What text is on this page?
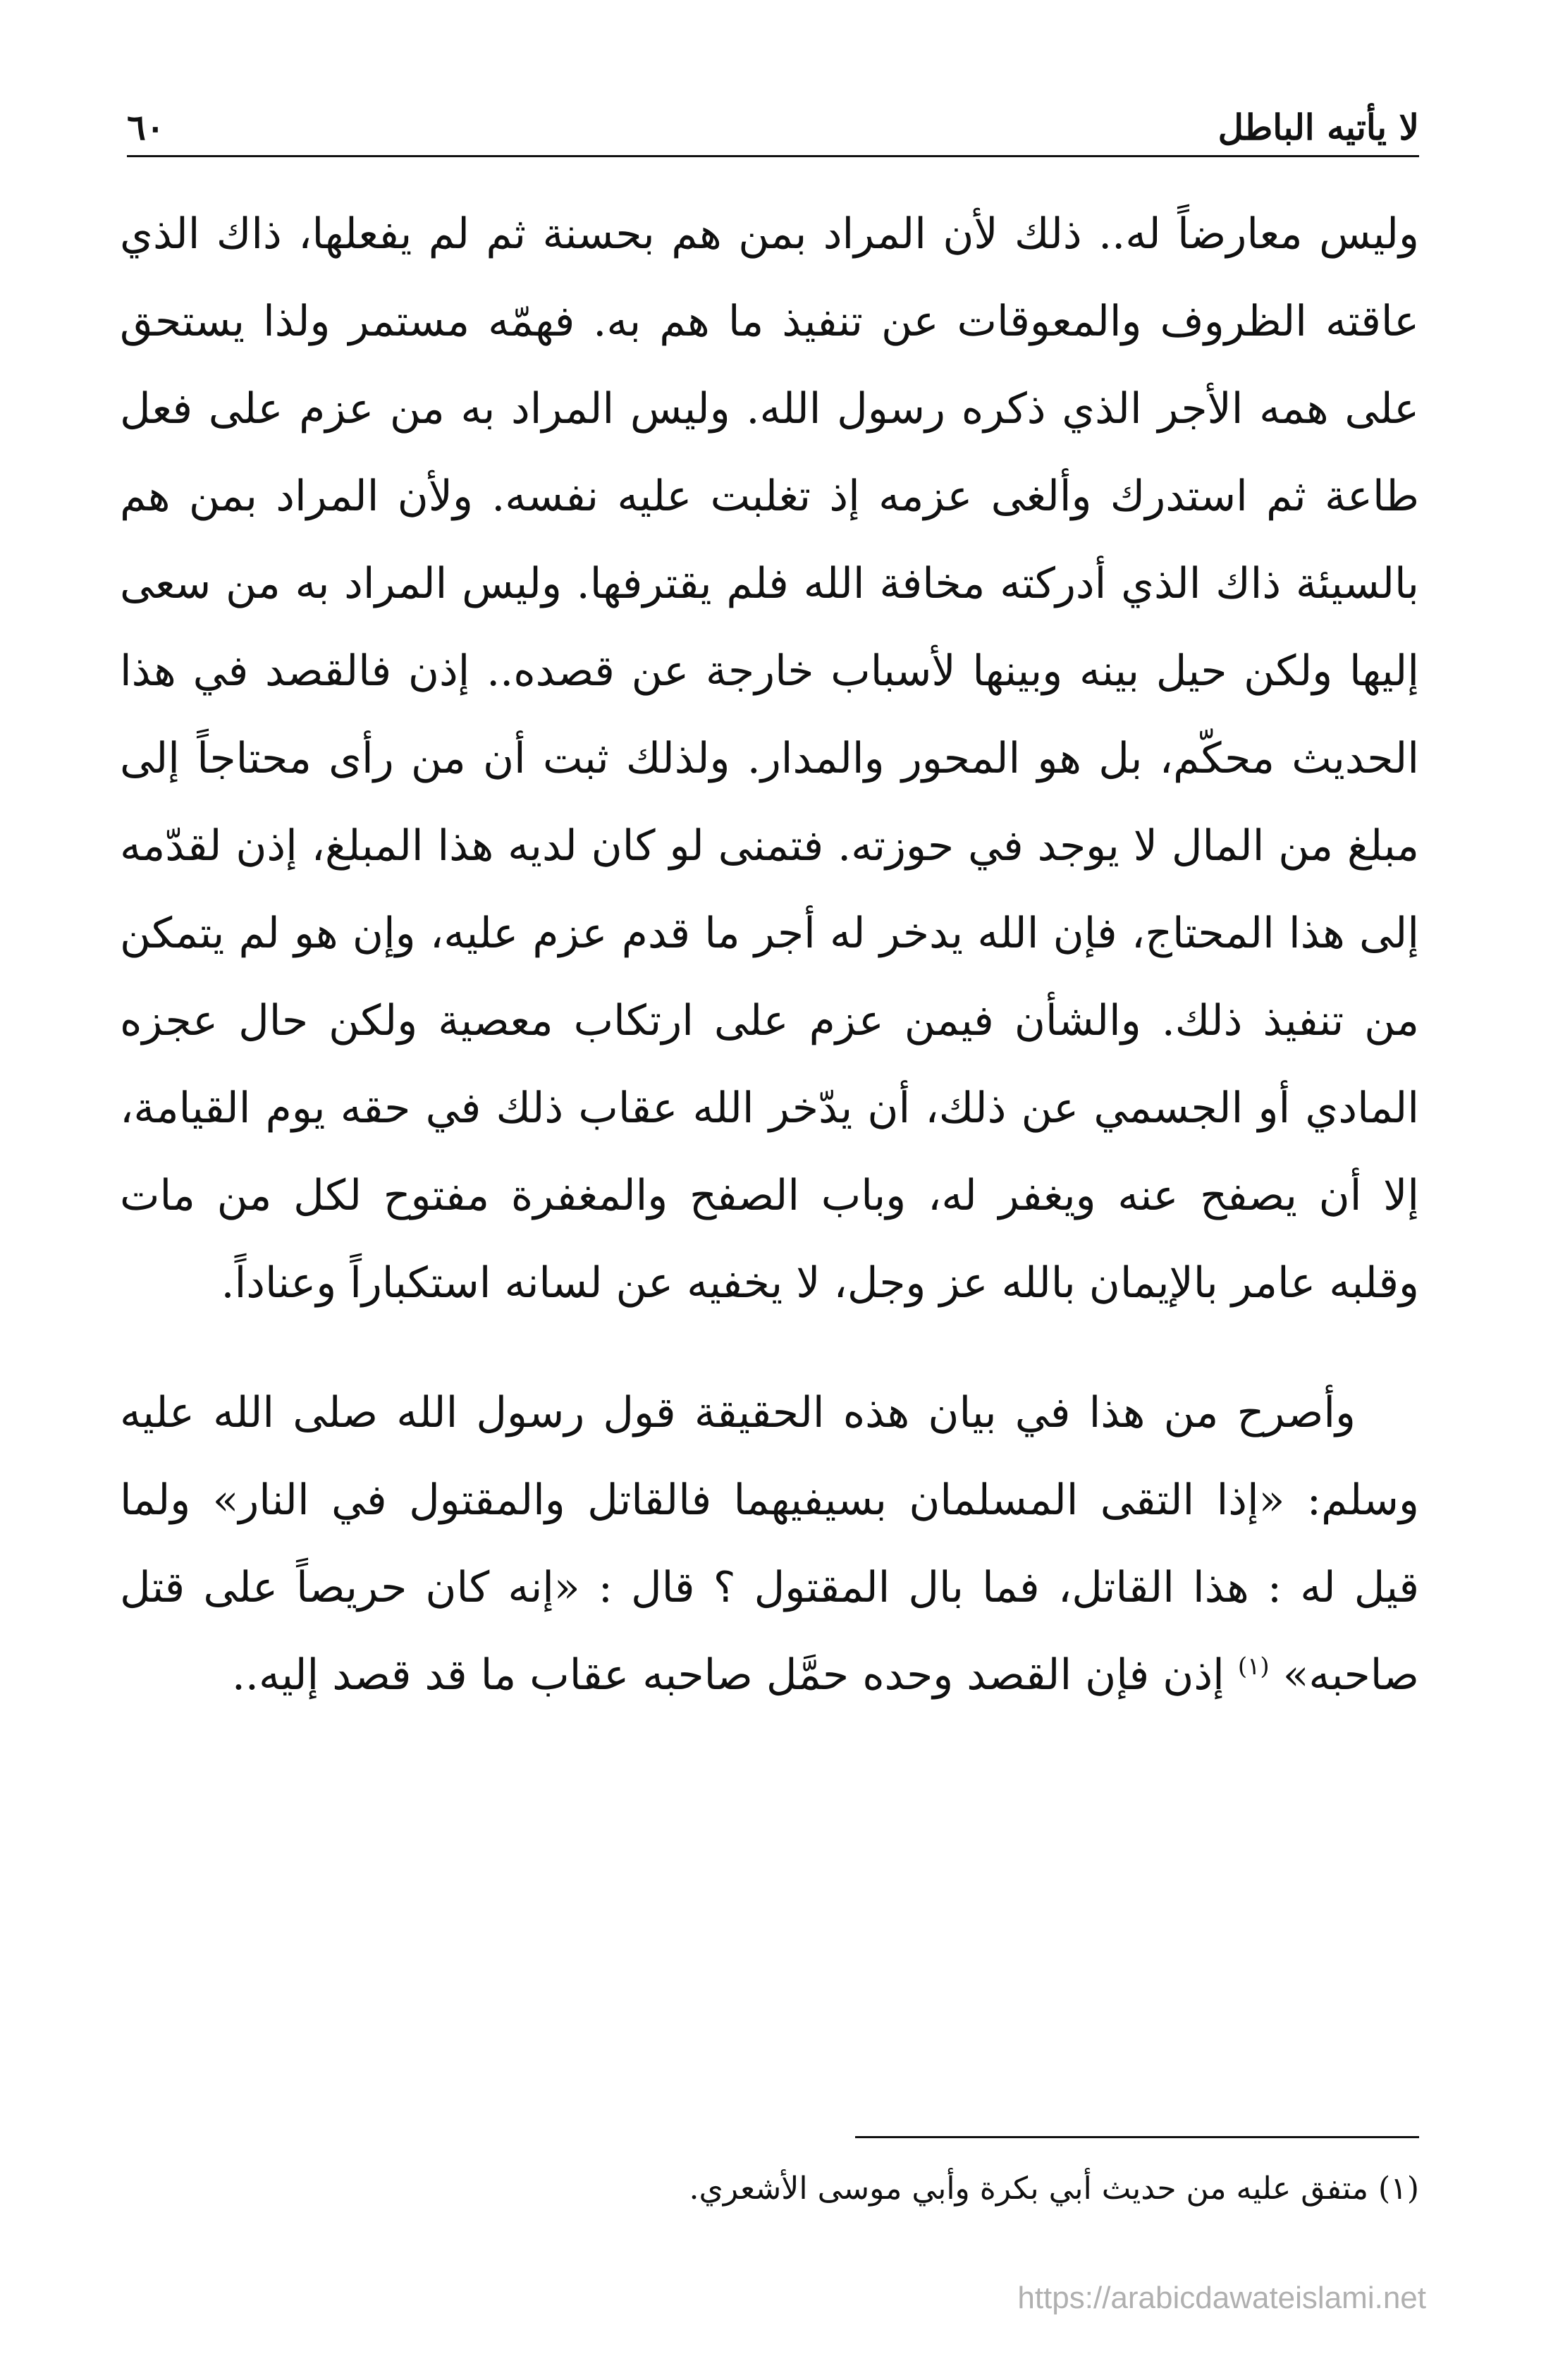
لا يأتيه الباطل
٦٠

وليس معارضاً له.. ذلك لأن المراد بمن هم بحسنة ثم لم يفعلها، ذاك الذي عاقته الظروف والمعوقات عن تنفيذ ما هم به. فهمّه مستمر ولذا يستحق على همه الأجر الذي ذكره رسول الله. وليس المراد به من عزم على فعل طاعة ثم استدرك وألغى عزمه إذ تغلبت عليه نفسه. ولأن المراد بمن هم بالسيئة ذاك الذي أدركته مخافة الله فلم يقترفها. وليس المراد به من سعى إليها ولكن حيل بينه وبينها لأسباب خارجة عن قصده.. إذن فالقصد في هذا الحديث محكّم، بل هو المحور والمدار. ولذلك ثبت أن من رأى محتاجاً إلى مبلغ من المال لا يوجد في حوزته. فتمنى لو كان لديه هذا المبلغ، إذن لقدّمه إلى هذا المحتاج، فإن الله يدخر له أجر ما قدم عزم عليه، وإن هو لم يتمكن من تنفيذ ذلك. والشأن فيمن عزم على ارتكاب معصية ولكن حال عجزه المادي أو الجسمي عن ذلك، أن يدّخر الله عقاب ذلك في حقه يوم القيامة، إلا أن يصفح عنه ويغفر له، وباب الصفح والمغفرة مفتوح لكل من مات وقلبه عامر بالإيمان بالله عز وجل، لا يخفيه عن لسانه استكباراً وعناداً.

وأصرح من هذا في بيان هذه الحقيقة قول رسول الله صلى الله عليه وسلم: «إذا التقى المسلمان بسيفيهما فالقاتل والمقتول في النار» ولما قيل له : هذا القاتل، فما بال المقتول ؟ قال : «إنه كان حريصاً على قتل صاحبه» $^{(١)}$ إذن فإن القصد وحده حمَّل صاحبه عقاب ما قد قصد إليه..

(١) متفق عليه من حديث أبي بكرة وأبي موسى الأشعري.
https://arabicdawateislami.net
